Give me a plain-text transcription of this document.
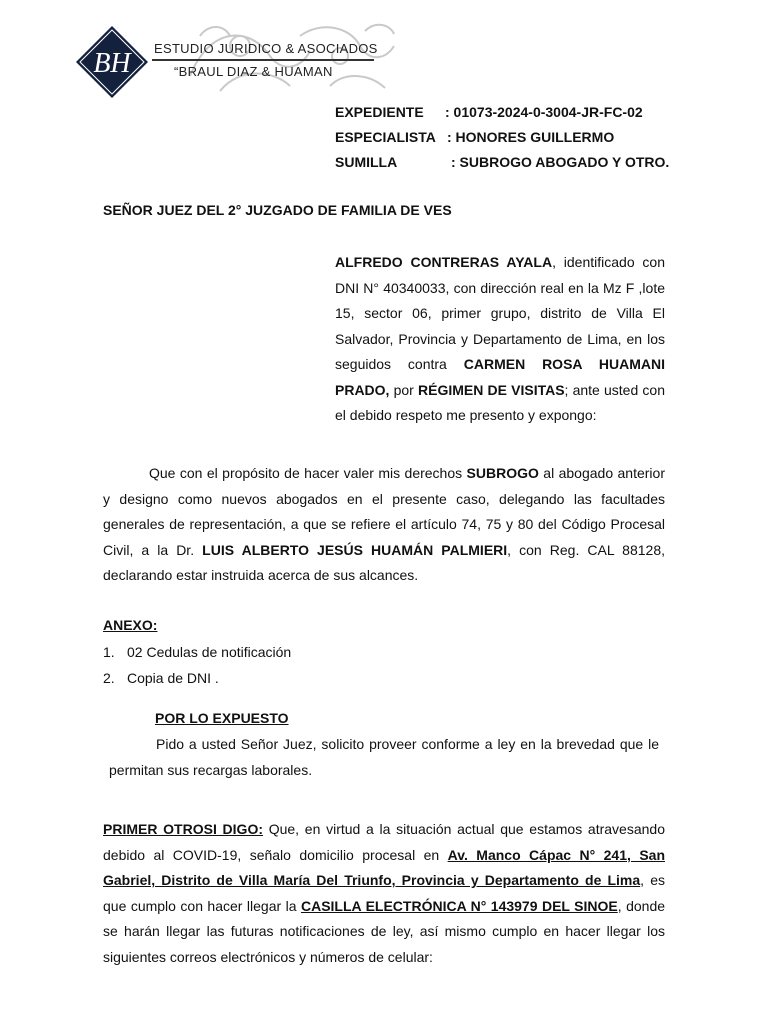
BH ESTUDIO JURIDICO & ASOCIADOS
“BRAUL DIAZ & HUAMAN
EXPEDIENTE : 01073-2024-0-3004-JR-FC-02
ESPECIALISTA : HONORES GUILLERMO
SUMILLA	: SUBROGO ABOGADO Y OTRO.
SEÑOR JUEZ DEL 2° JUZGADO DE FAMILIA DE VES
ALFREDO CONTRERAS AYALA, identificado con DNI N° 40340033, con dirección real en la Mz F ,lote 15, sector 06, primer grupo, distrito de Villa El Salvador, Provincia y Departamento de Lima, en los seguidos contra CARMEN ROSA HUAMANI PRADO, por RÉGIMEN DE VISITAS; ante usted con el debido respeto me presento y expongo:
Que con el propósito de hacer valer mis derechos SUBROGO al abogado anterior y designo como nuevos abogados en el presente caso, delegando las facultades generales de representación, a que se refiere el artículo 74, 75 y 80 del Código Procesal Civil, a la Dr. LUIS ALBERTO JESÚS HUAMÁN PALMIERI, con Reg. CAL 88128, declarando estar instruida acerca de sus alcances.
ANEXO:
1. 02 Cedulas de notificación
2. Copia de DNI .
POR LO EXPUESTO
Pido a usted Señor Juez, solicito proveer conforme a ley en la brevedad que le permitan sus recargas laborales.
PRIMER OTROSI DIGO: Que, en virtud a la situación actual que estamos atravesando debido al COVID-19, señalo domicilio procesal en Av. Manco Cápac N° 241, San Gabriel, Distrito de Villa María Del Triunfo, Provincia y Departamento de Lima, es que cumplo con hacer llegar la CASILLA ELECTRÓNICA N° 143979 DEL SINOE, donde se harán llegar las futuras notificaciones de ley, así mismo cumplo en hacer llegar los siguientes correos electrónicos y números de celular:
